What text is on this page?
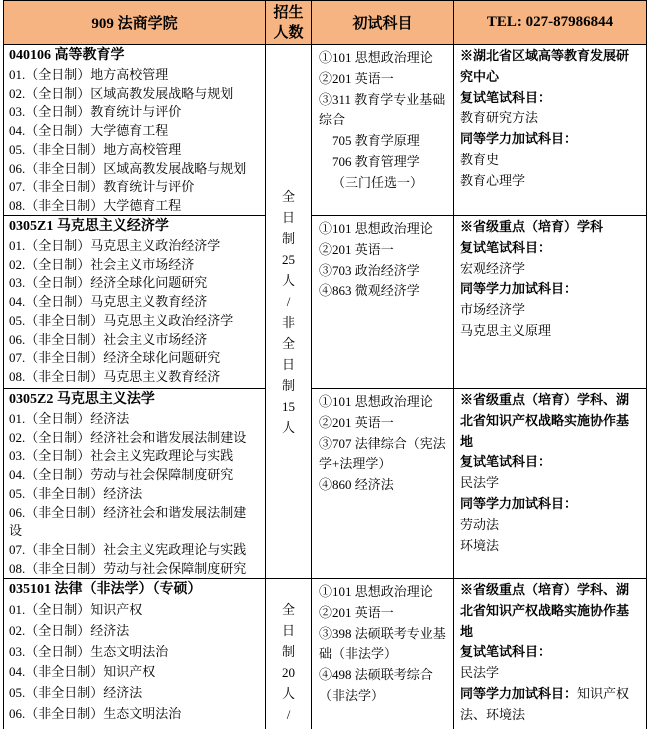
909 法商学院
招生
人数
初试科目	TEL: 027-87986844
全
日
制
25
人
/
非
全
日
制
15
人
040106 高等教育学
01.（全日制）地方高校管理
02.（全日制）区域高教发展战略与规划
03.（全日制）教育统计与评价
04.（全日制）大学德育工程
05.（非全日制）地方高校管理
06.（非全日制）区域高教发展战略与规划
07.（非全日制）教育统计与评价
08.（非全日制）大学德育工程
①101 思想政治理论
②201 英语一
③311 教育学专业基础综合
705 教育学原理
706 教育管理学
（三门任选一）
※湖北省区域高等教育发展研究中心
复试笔试科目：
教育研究方法
同等学力加试科目：
教育史
教育心理学
0305Z1 马克思主义经济学
01.（全日制）马克思主义政治经济学
02.（全日制）社会主义市场经济
03.（全日制）经济全球化问题研究
04.（全日制）马克思主义教育经济
05.（非全日制）马克思主义政治经济学
06.（非全日制）社会主义市场经济
07.（非全日制）经济全球化问题研究
08.（非全日制）马克思主义教育经济
①101 思想政治理论
②201 英语一
③703 政治经济学
④863 微观经济学
※省级重点（培育）学科
复试笔试科目：
宏观经济学
同等学力加试科目：
市场经济学
马克思主义原理
0305Z2 马克思主义法学
01.（全日制）经济法
02.（全日制）经济社会和谐发展法制建设
03.（全日制）社会主义宪政理论与实践
04.（全日制）劳动与社会保障制度研究
05.（非全日制）经济法
06.（非全日制）经济社会和谐发展法制建设
07.（非全日制）社会主义宪政理论与实践
08.（非全日制）劳动与社会保障制度研究
①101 思想政治理论
②201 英语一
③707 法律综合（宪法学+法理学）
④860 经济法
※省级重点（培育）学科、湖北省知识产权战略实施协作基地
复试笔试科目：
民法学
同等学力加试科目：
劳动法
环境法
035101 法律（非法学）（专硕）
01.（全日制）知识产权
02.（全日制）经济法
03.（全日制）生态文明法治
04.（非全日制）知识产权
05.（非全日制）经济法
06.（非全日制）生态文明法治
全
日
制
20
人
/
①101 思想政治理论
②201 英语一
③398 法硕联考专业基础（非法学）
④498 法硕联考综合（非法学）
※省级重点（培育）学科、湖北省知识产权战略实施协作基地
复试笔试科目：
民法学
同等学力加试科目：知识产权法、环境法
